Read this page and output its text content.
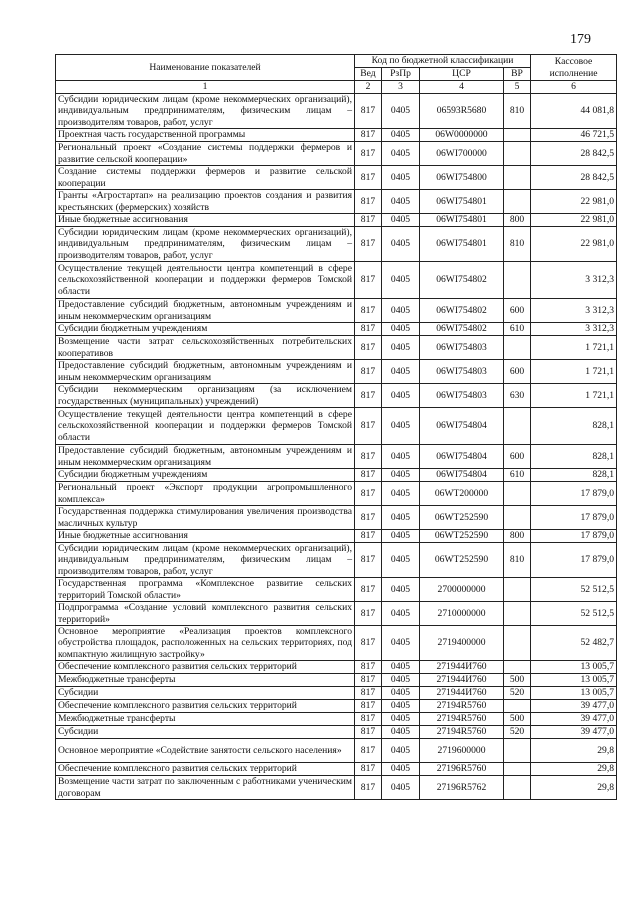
179
Наименование показателей	Код по бюджетной классификации				Кассовое исполнение
	Вед	РзПр	ЦСР	ВР	
1	2	3	4	5	6
Субсидии юридическим лицам (кроме некоммерческих организаций), индивидуальным предпринимателям, физическим лицам – производителям товаров, работ, услуг	817	0405	06593R5680	810	44 081,8
Проектная часть государственной программы	817	0405	06W0000000		46 721,5
Региональный проект «Создание системы поддержки фермеров и развитие сельской кооперации»	817	0405	06WI700000		28 842,5
Создание системы поддержки фермеров и развитие сельской кооперации	817	0405	06WI754800		28 842,5
Гранты «Агростартап» на реализацию проектов создания и развития крестьянских (фермерских) хозяйств	817	0405	06WI754801		22 981,0
Иные бюджетные ассигнования	817	0405	06WI754801	800	22 981,0
Субсидии юридическим лицам (кроме некоммерческих организаций), индивидуальным предпринимателям, физическим лицам – производителям товаров, работ, услуг	817	0405	06WI754801	810	22 981,0
Осуществление текущей деятельности центра компетенций в сфере сельскохозяйственной кооперации и поддержки фермеров Томской области	817	0405	06WI754802		3 312,3
Предоставление субсидий бюджетным, автономным учреждениям и иным некоммерческим организациям	817	0405	06WI754802	600	3 312,3
Субсидии бюджетным учреждениям	817	0405	06WI754802	610	3 312,3
Возмещение части затрат сельскохозяйственных потребительских кооперативов	817	0405	06WI754803		1 721,1
Предоставление субсидий бюджетным, автономным учреждениям и иным некоммерческим организациям	817	0405	06WI754803	600	1 721,1
Субсидии некоммерческим организациям (за исключением государственных (муниципальных) учреждений)	817	0405	06WI754803	630	1 721,1
Осуществление текущей деятельности центра компетенций в сфере сельскохозяйственной кооперации и поддержки фермеров Томской области	817	0405	06WI754804		828,1
Предоставление субсидий бюджетным, автономным учреждениям и иным некоммерческим организациям	817	0405	06WI754804	600	828,1
Субсидии бюджетным учреждениям	817	0405	06WI754804	610	828,1
Региональный проект «Экспорт продукции агропромышленного комплекса»	817	0405	06WT200000		17 879,0
Государственная поддержка стимулирования увеличения производства масличных культур	817	0405	06WT252590		17 879,0
Иные бюджетные ассигнования	817	0405	06WT252590	800	17 879,0
Субсидии юридическим лицам (кроме некоммерческих организаций), индивидуальным предпринимателям, физическим лицам – производителям товаров, работ, услуг	817	0405	06WT252590	810	17 879,0
Государственная программа «Комплексное развитие сельских территорий Томской области»	817	0405	2700000000		52 512,5
Подпрограмма «Создание условий комплексного развития сельских территорий»	817	0405	2710000000		52 512,5
Основное мероприятие «Реализация проектов комплексного обустройства площадок, расположенных на сельских территориях, под компактную жилищную застройку»	817	0405	2719400000		52 482,7
Обеспечение комплексного развития сельских территорий	817	0405	271944И760		13 005,7
Межбюджетные трансферты	817	0405	271944И760	500	13 005,7
Субсидии	817	0405	271944И760	520	13 005,7
Обеспечение комплексного развития сельских территорий	817	0405	27194R5760		39 477,0
Межбюджетные трансферты	817	0405	27194R5760	500	39 477,0
Субсидии	817	0405	27194R5760	520	39 477,0
Основное мероприятие «Содействие занятости сельского населения»	817	0405	2719600000		29,8
Обеспечение комплексного развития сельских территорий	817	0405	27196R5760		29,8
Возмещение части затрат по заключенным с работниками ученическим договорам	817	0405	27196R5762		29,8
